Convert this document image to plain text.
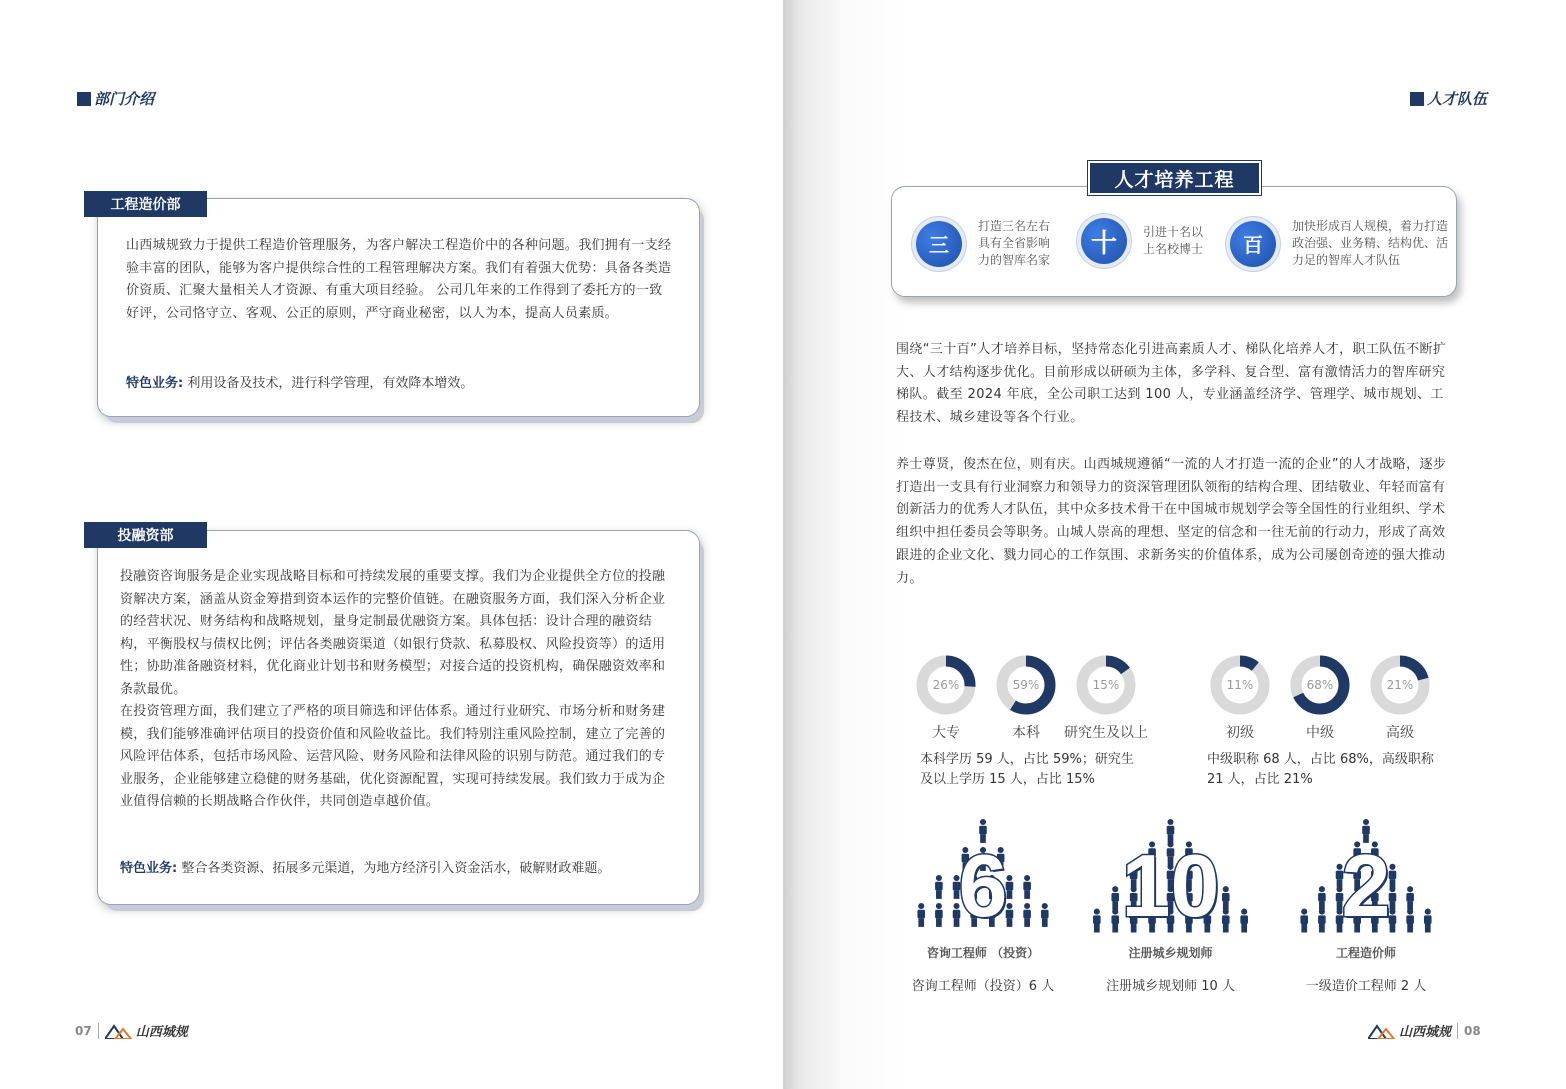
部门介绍
工程造价部
山西城规致力于提供工程造价管理服务，为客户解决工程造价中的各种问题。我们拥有一支经验丰富的团队，能够为客户提供综合性的工程管理解决方案。我们有着强大优势：具备各类造价资质、汇聚大量相关人才资源、有重大项目经验。 公司几年来的工作得到了委托方的一致好评，公司恪守立、客观、公正的原则，严守商业秘密，以人为本，提高人员素质。
特色业务: 利用设备及技术，进行科学管理，有效降本增效。
投融资部

投融资咨询服务是企业实现战略目标和可持续发展的重要支撑。我们为企业提供全方位的投融资解决方案，涵盖从资金筹措到资本运作的完整价值链。在融资服务方面，我们深入分析企业的经营状况、财务结构和战略规划，量身定制最优融资方案。具体包括：设计合理的融资结构，平衡股权与债权比例；评估各类融资渠道（如银行贷款、私募股权、风险投资等）的适用性；协助准备融资材料，优化商业计划书和财务模型；对接合适的投资机构，确保融资效率和条款最优。

在投资管理方面，我们建立了严格的项目筛选和评估体系。通过行业研究、市场分析和财务建模，我们能够准确评估项目的投资价值和风险收益比。我们特别注重风险控制，建立了完善的风险评估体系，包括市场风险、运营风险、财务风险和法律风险的识别与防范。通过我们的专业服务，企业能够建立稳健的财务基础，优化资源配置，实现可持续发展。我们致力于成为企业值得信赖的长期战略合作伙伴，共同创造卓越价值。

特色业务: 整合各类资源、拓展多元渠道，为地方经济引入资金活水，破解财政难题。
07	山西城规
人才队伍
人才培养工程
三
打造三名左右具有全省影响力的智库名家
十	引进十名以上名校博士	百
加快形成百人规模，着力打造政治强、业务精、结构优、活力足的智库人才队伍
围绕“三十百”人才培养目标，坚持常态化引进高素质人才、梯队化培养人才，职工队伍不断扩大、人才结构逐步优化。目前形成以研硕为主体，多学科、复合型、富有激情活力的智库研究梯队。截至 2024 年底，全公司职工达到 100 人，专业涵盖经济学、管理学、城市规划、工程技术、城乡建设等各个行业。
养士尊贤，俊杰在位，则有庆。山西城规遵循“一流的人才打造一流的企业”的人才战略，逐步打造出一支具有行业洞察力和领导力的资深管理团队领衔的结构合理、团结敬业、年轻而富有创新活力的优秀人才队伍，其中众多技术骨干在中国城市规划学会等全国性的行业组织、学术组织中担任委员会等职务。山城人崇高的理想、坚定的信念和一往无前的行动力，形成了高效跟进的企业文化、戮力同心的工作氛围、求新务实的价值体系，成为公司屡创奇迹的强大推动力。
26%
大专
59%
本科
15%
研究生及以上
11%
初级
68%
中级
21%
高级
本科学历 59 人，占比 59%；研究生及以上学历 15 人，占比 15%
中级职称 68 人，占比 68%，高级职称 21 人，占比 21%
6
咨询工程师 （投资）
咨询工程师（投资）6 人
10
注册城乡规划师
注册城乡规划师 10 人
2
工程造价师
一级造价工程师 2 人
山西城规 08
